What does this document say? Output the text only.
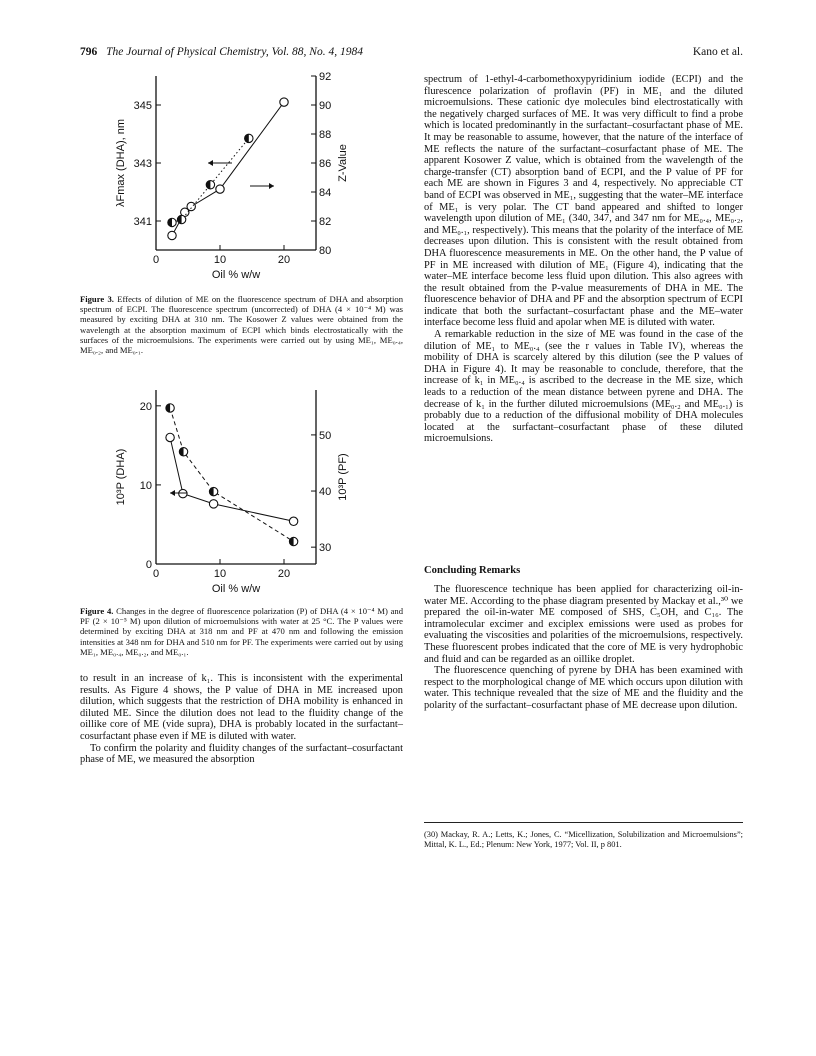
796 The Journal of Physical Chemistry, Vol. 88, No. 4, 1984	Kano et al.
0	10	20
Oil % w/w
341
343
345
80
82
84
86
88
90
92
λFmax (DHA), nm	Z-Value
Figure 3. Effects of dilution of ME on the fluorescence spectrum of DHA and absorption spectrum of ECPI. The fluorescence spectrum (uncorrected) of DHA (4 × 10⁻⁴ M) was measured by exciting DHA at 310 nm. The Kosower Z values were obtained from the wavelength at the absorption maximum of ECPI which binds electrostatically with the surfaces of the microemulsions. The experiments were carried out by using ME₁, ME₀.₄, ME₀.₂, and ME₀.₁.
0	10	20
Oil % w/w
0
10
20
30
40
50
10³P (DHA)	10³P (PF)
Figure 4. Changes in the degree of fluorescence polarization (P) of DHA (4 × 10⁻⁴ M) and PF (2 × 10⁻⁵ M) upon dilution of microemulsions with water at 25 °C. The P values were determined by exciting DHA at 318 nm and PF at 470 nm and following the emission intensities at 348 nm for DHA and 510 nm for PF. The experiments were carried out by using ME₁, ME₀.₄, ME₀.₂, and ME₀.₁.

to result in an increase of k₁. This is inconsistent with the experimental results. As Figure 4 shows, the P value of DHA in ME increased upon dilution, which suggests that the restriction of DHA mobility is enhanced in diluted ME. Since the dilution does not lead to the fluidity change of the oillike core of ME (vide supra), DHA is probably located in the surfactant–cosurfactant phase even if ME is diluted with water.

To confirm the polarity and fluidity changes of the surfactant–cosurfactant phase of ME, we measured the absorption

spectrum of 1-ethyl-4-carbomethoxypyridinium iodide (ECPI) and the flurescence polarization of proflavin (PF) in ME₁ and the diluted microemulsions. These cationic dye molecules bind electrostatically with the negatively charged surfaces of ME. It was very difficult to find a probe which is located predominantly in the surfactant–cosurfactant phase of ME. It may be reasonable to assume, however, that the nature of the interface of ME reflects the nature of the surfactant–cosurfactant phase of ME. The apparent Kosower Z value, which is obtained from the wavelength of the charge-transfer (CT) absorption band of ECPI, and the P value of PF for each ME are shown in Figures 3 and 4, respectively. No appreciable CT band of ECPI was observed in ME₁, suggesting that the water–ME interface of ME₁ is very polar. The CT band appeared and shifted to longer wavelength upon dilution of ME₁ (340, 347, and 347 nm for ME₀.₄, ME₀.₂, and ME₀.₁, respectively). This means that the polarity of the interface of ME decreases upon dilution. This is consistent with the result obtained from DHA fluorescence measurements in ME. On the other hand, the P value of PF in ME increased with dilution of ME₁ (Figure 4), indicating that the water–ME interface become less fluid upon dilution. This also agrees with the result obtained from the P-value measurements of DHA in ME. The fluorescence behavior of DHA and PF and the absorption spectrum of ECPI indicate that both the surfactant–cosurfactant phase and the ME–water interface become less fluid and apolar when ME is diluted with water.

A remarkable reduction in the size of ME was found in the case of the dilution of ME₁ to ME₀.₄ (see the r values in Table IV), whereas the mobility of DHA is scarcely altered by this dilution (see the P values of DHA in Figure 4). It may be reasonable to conclude, therefore, that the increase of k₁ in ME₀.₄ is ascribed to the decrease in the ME size, which leads to a reduction of the mean distance between pyrene and DHA. The decrease of k₁ in the further diluted microemulsions (ME₀.₂ and ME₀.₁) is probably due to a reduction of the diffusional mobility of DHA molecules located at the surfactant–cosurfactant phase of these diluted microemulsions.

Concluding Remarks

The fluorescence technique has been applied for characterizing oil-in-water ME. According to the phase diagram presented by Mackay et al.,³⁰ we prepared the oil-in-water ME composed of SHS, C₅OH, and C₁₆. The intramolecular excimer and exciplex emissions were used as probes for evaluating the viscosities and polarities of the microemulsions, respectively. These fluorescent probes indicated that the core of ME is very hydrophobic and fluid and can be regarded as an oillike droplet.

The fluorescence quenching of pyrene by DHA has been examined with respect to the morphological change of ME which occurs upon dilution with water. This technique revealed that the size of ME and the fluidity and the polarity of the surfactant–cosurfactant phase of ME decrease upon dilution.

(30) Mackay, R. A.; Letts, K.; Jones, C. “Micellization, Solubilization and Microemulsions”; Mittal, K. L., Ed.; Plenum: New York, 1977; Vol. II, p 801.
